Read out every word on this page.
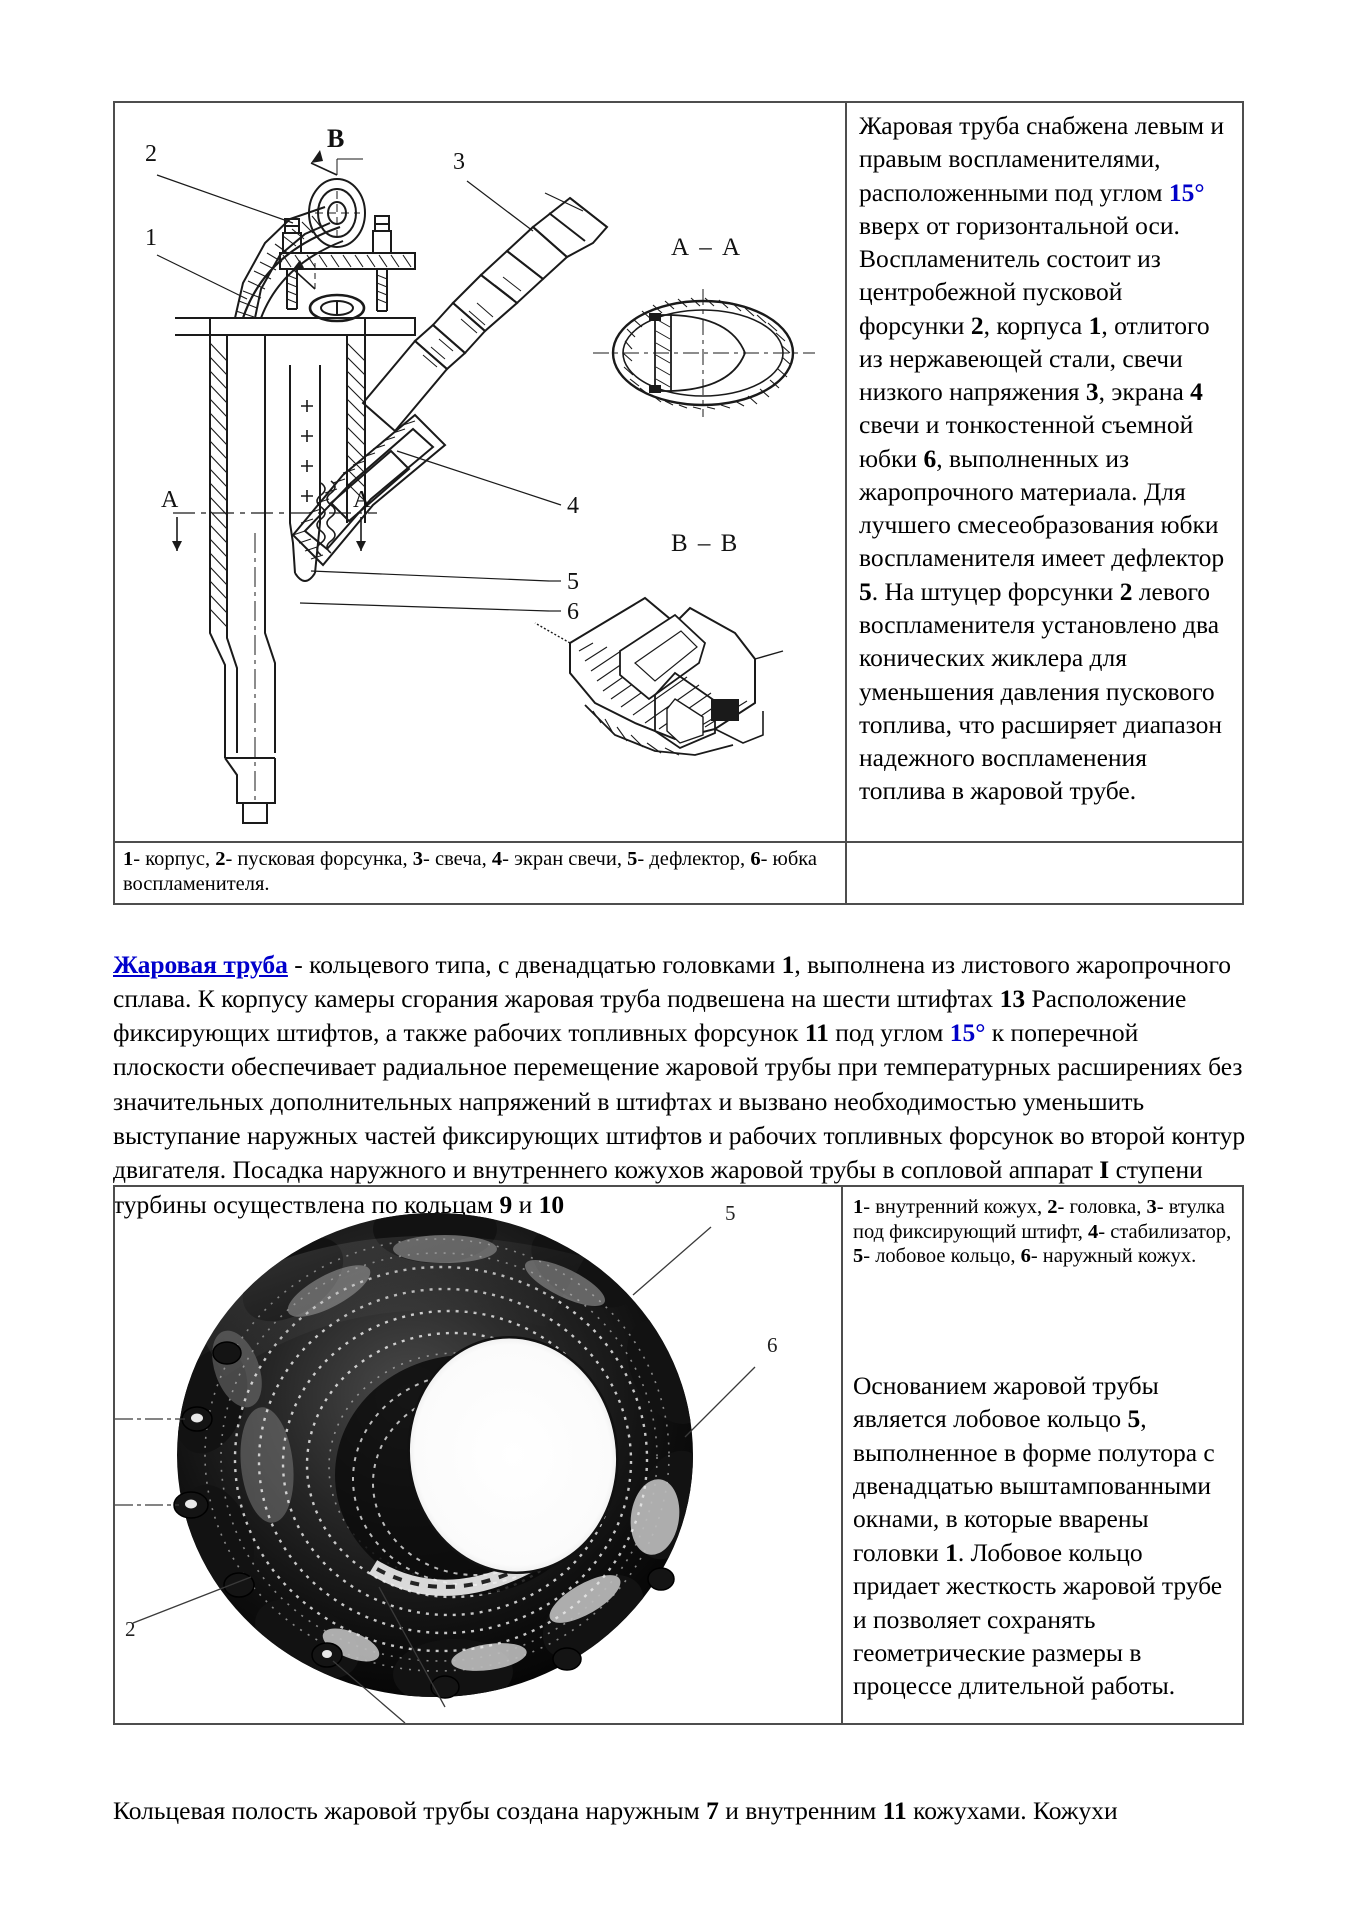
2
1
3
4
5
6
В
А	А
А – А
В – В
Жаровая труба снабжена левым и правым воспламенителями, расположенными под углом 15° вверх от горизонтальной оси. Воспламенитель состоит из центробежной пусковой форсунки 2, корпуса 1, отлитого из нержавеющей стали, свечи низкого напряжения 3, экрана 4 свечи и тонкостенной съемной юбки 6, выполненных из жаропрочного материала. Для лучшего смесеобразования юбки воспламенителя имеет дефлектор 5. На штуцер форсунки 2 левого воспламенителя установлено два конических жиклера для уменьшения давления пускового топлива, что расширяет диапазон надежного воспламенения топлива в жаровой трубе.
1- корпус, 2- пусковая форсунка, 3- свеча, 4- экран свечи, 5- дефлектор, 6- юбка воспламенителя.

Жаровая труба - кольцевого типа, с двенадцатью головками 1, выполнена из листового жаропрочного сплава. К корпусу камеры сгорания жаровая труба подвешена на шести штифтах 13 Расположение фиксирующих штифтов, а также рабочих топливных форсунок 11 под углом 15° к поперечной плоскости обеспечивает радиальное перемещение жаровой трубы при температурных расширениях без значительных дополнительных напряжений в штифтах и вызвано необходимостью уменьшить выступание наружных частей фиксирующих штифтов и рабочих топливных форсунок во второй контур двигателя. Посадка наружного и внутреннего кожухов жаровой трубы в сопловой аппарат I ступени турбины осуществлена по кольцам 9 и 10	5
6
2
1- внутренний кожух, 2- головка, 3- втулка под фиксирующий штифт, 4- стабилизатор, 5- лобовое кольцо, 6- наружный кожух.
Основанием жаровой трубы является лобовое кольцо 5, выполненное в форме полутора с двенадцатью выштампованными окнами, в которые вварены головки 1. Лобовое кольцо придает жесткость жаровой трубе и позволяет сохранять геометрические размеры в процессе длительной работы.

Кольцевая полость жаровой трубы создана наружным 7 и внутренним 11 кожухами. Кожухи
